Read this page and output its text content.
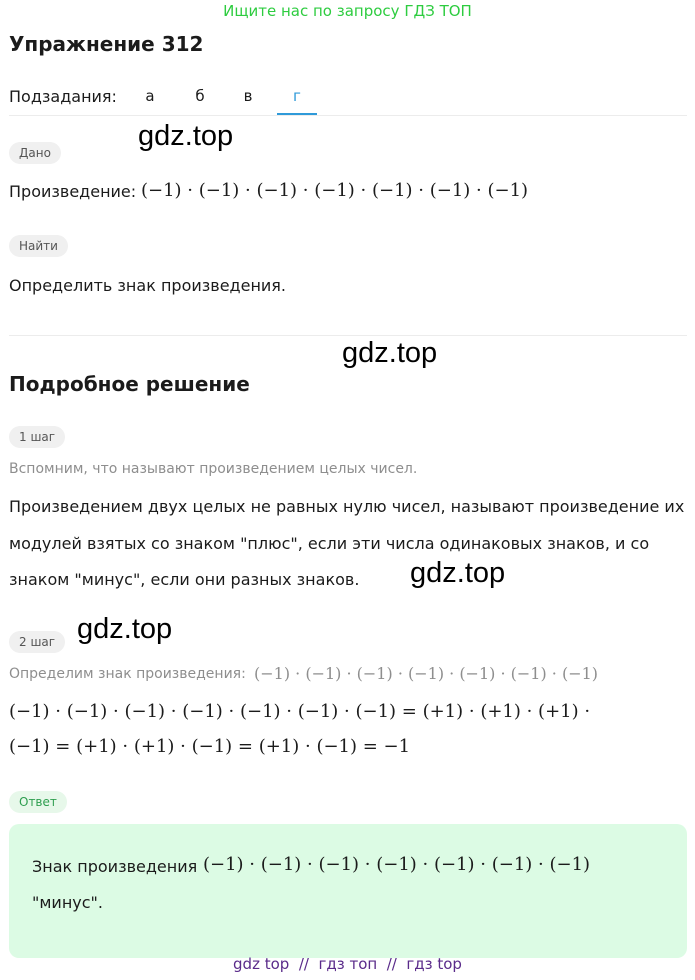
Ищите нас по запросу ГДЗ ТОП
Упражнение 312
Подзадания:	а	б	в	г
gdz.top
Дано
Произведение: (−1) · (−1) · (−1) · (−1) · (−1) · (−1) · (−1)
Найти
Определить знак произведения.
gdz.top
Подробное решение
1 шаг
Вспомним, что называют произведением целых чисел.
Произведением двух целых не равных нулю чисел, называют произведение их
модулей взятых со знаком "плюс", если эти числа одинаковых знаков, и со
знаком "минус", если они разных знаков. gdz.top
gdz.top
2 шаг
Определим знак произведения: (−1) · (−1) · (−1) · (−1) · (−1) · (−1) · (−1)
(−1) · (−1) · (−1) · (−1) · (−1) · (−1) · (−1) = (+1) · (+1) · (+1) ·
(−1) = (+1) · (+1) · (−1) = (+1) · (−1) = −1
Ответ
Знак произведения (−1) · (−1) · (−1) · (−1) · (−1) · (−1) · (−1)
"минус".
gdz top  //  гдз топ  //  гдз top
